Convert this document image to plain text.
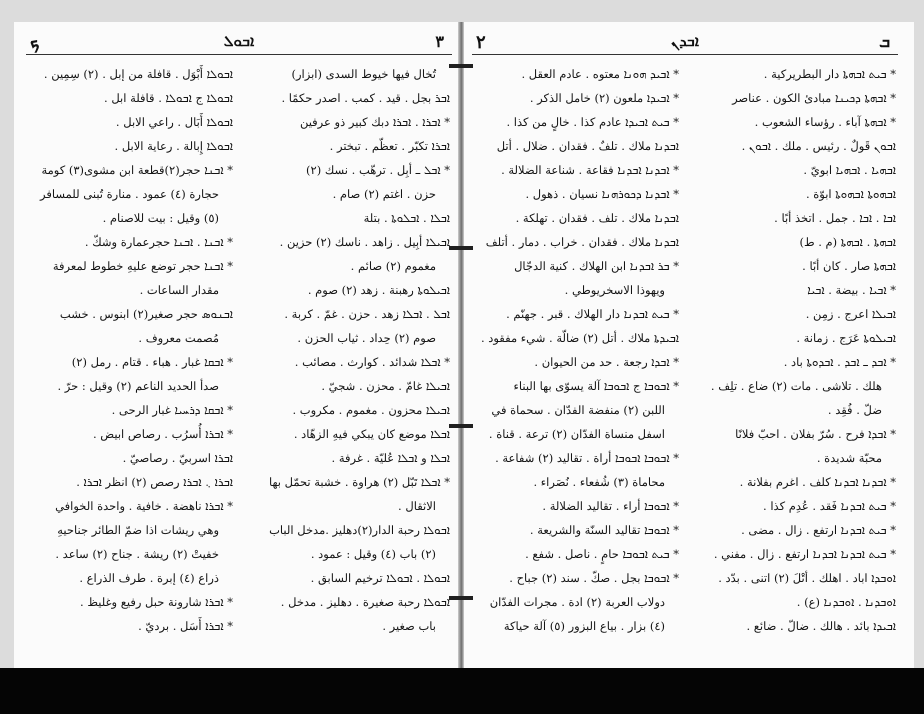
ܟ	ܐܒܘܠ	٣
ܐܒܘܠܐ أَبْوَل . قافلة من إبل . (٢) سِمِين .
ܐܒܘܠܐ ج ܐܒܘܠܐ . قافلة ابل .
ܐܒܘܠܐ أَبَال . راعي الابل .
ܐܒܘܠܐ إِبالة . رعاية الابل .
* ܐܒܢܐ حجر(٢)قطعة ابن مشوى(٣) كومة
حجارة (٤) عمود . منارة تُبنى للمسافر
(٥) وقيل : بيت للاصنام .
* ܐܒܢܐ . ܐܒܢܐ حجرعمارة وشكّ .
* ܐܒܢܐ حجر توضع عليهِ خطوط لمعرفة
مقدار الساعات .
ܐܒܢܘܣ حجر صغير(٢) ابنوس . خشب
مُصمت معروف .
* ܐܒܩܐ غبار . هباء . قتام . رمل (٢)
صدأ الحديد الناعم (٢) وقيل : حرّ .
* ܐܒܩܐ ܕܪܚܝܐ غبار الرحى .
* ܐܒܪܐ أُسرُب . رصاص ابيض .
ܐܒܪܐ اسربيّ . رصاصيّ .
ܐܒܪܐ ܆ ܐܒܪܐ رصص (٢) انظر ܐܒܪܐ .
* ܐܒܪܐ ناهضة . خافية . واحدة الخوافي
وهي ريشات اذا ضمّ الطائر جناحيهِ
خفيتْ (٢) ريشة . جناح (٢) ساعد .
ذراع (٤) إبرة . طرف الذراع .
* ܐܒܪܐ شارونة حبل رفيع وغليظ .
* ܐܒܪܐ أَسَل . برديّ .
تُخال فيها خيوط السدى (ابزار)
ܐܒܪ بجل . قيد . كمب . اصدر حكمًا .
* ܐܒܪܐ . ܐܒܪܐ دبك كبير ذو عرفين
ܐܒܪܐ تكبّر . تعظّم . تبختر .
* ܐܒܠ ـ أبِل . ترهّب . نسك (٢)
حزن . اغتم (٢) صام .
ܐܒܠܐ . ܐܒܠܘܬܐ . بتلة
ܐܒܝܠܐ أبِيل . زاهد . ناسك (٢) حزين .
مغموم (٢) صائم .
ܐܒܝܠܘܬܐ رهبنة . زهد (٢) صوم .
ܐܒܠ . ܐܒܠܐ زهد . حزن . غمّ . كربة .
صوم (٢) حِداد . ثياب الحزن .
* ܐܒܠܐ شدائد . كوارث . مصائب .
ܐܒܝܠܐ غامّ . محزن . شجيّ .
ܐܒܝܠܐ محزون . مغموم . مكروب .
ܐܒܠܐ موضع كان يبكي فيهِ الزهّاد .
ܐܒܠܐ و ܐܒܠܐ عُليّة . غرفة .
* ܐܒܠܐ تَبّل (٢) هراوة . خشبة تحمّل بها
الاثقال .
ܐܒܘܠܐ رحبة الدار(٢)دهليز .مدخل الباب
(٢) باب (٤) وقيل : عمود .
ܐܒܘܠܐ . ܐܒܘܠܐ ترخيم السابق .
ܐܒܘܠܐ رحبة صغيرة . دهليز . مدخل .
باب صغير .
٢	ܐܒܕܢ	ܒ
* ܐܒܝܕ ܗܘܢܐ معتوه . عادم العقل .
* ܐܒܝܕܐ ملعون (٢) خامل الذكر .
* ܒܝܬ ܐܒܝܕܐ عادم كذا . خالٍ من كذا .
ܐܒܕܢܐ ملاك . تلفٌ . فقدان . ضلال . أتل
* ܐܒܕܢܐ ܐܒܕܢܐ فقاعة . شناعة الضلالة .
* ܐܒܕܢܐ ܕܟܘܪܗܢܐ نسيان . ذهول .
ܐܒܕܢܐ ملاك . تلف . فقدان . تهلكة .
ܐܒܕܢܐ ملاك . فقدان . خراب . دمار . أتلف
* ܒܪ ܐܒܕܢܐ ابن الهلاك . كنية الدجّال
ويهوذا الاسخريوطي .
* ܒܝܬ ܐܒܕܢܐ دار الهلاك . قبر . جهنّم .
ܐܒܝܕܬܐ ملاك . أتل (٢) ضالّة . شيء مفقود .
* ܐܒܕܐ رجعة . حد من الحيوان .
* ܐܒܘܒܐ ج ܐܒܘܒܐ آلة يسوّى بها البناء
اللبن (٢) منفضة الفدّان . سحماة في
اسفل منساة الفدّان (٢) ترعة . قناة .
* ܐܒܘܒܐ ܐܒܘܒܐ أراة . تقاليد (٢) شفاعة .
محاماة (٣) شُفعاء . نُصَراء .
* ܐܒܘܒܐ أراء . تقاليد الضلالة .
* ܐܒܘܒܐ تقاليد السنّة والشريعة .
* ܒܝܬ ܐܒܘܒܐ حامٍ . ناصل . شفع .
* ܐܒܘܒܐ بجل . صكّ . سند (٢) جباح .
دولاب العربة (٢) ادة . مجرات الفدّان
(٤) بزار . بياع البزور (٥) آلة حياكة
* ܒܝܬ ܐܒܗܬܐ دار البطريركية .
* ܐܒܗܬܐ ܕܟܝܢܐ مبادئ الكون . عناصر
* ܐܒܗܬܐ آباء . رؤساء الشعوب .
ܐܒܘܢ قَولٌ . رئيس . ملك . ܐܒܘܢ .
ܐܒܗܝܐ . ܐܒܗܝܐ ابويّ .
ܐܒܗܘܬܐ ܐܒܗܘܬܐ ابوّة .
ܐܒܐ . ܐܒܐ . جمل . اتخذ أبًا .
ܐܒܗܬܐ . ܐܒܗܬܐ (م . ط)
ܐܒܗܬܐ صار . كان أبًا .
* ܐܒܝܐ . بيضة . ܐܒܝܐ
ܐܒܝܠܐ اعرج . زمِن .
ܐܒܝܠܘܬܐ عَرَج . زمانة .
* ܐܒܕ ـ ܐܒܕ . ܐܒܕܘܬܐ باد .
هلك . تلاشى . مات (٢) ضاع . تلِف .
ضلّ . فُقِد .
* ܐܒܕܐ فرح . سُرّ بفلان . احبّ فلانًا
محبّة شديدة .
* ܐܒܕܢܐ ܐܒܕܢܐ كلف . اغرم بفلانة .
* ܒܝܬ ܐܒܕܢܐ فَقد . عُدِم كذا .
* ܒܝܬ ܐܒܕܢܐ ارتفع . زال . مضى .
* ܒܝܬ ܐܒܕܢܐ ܐܒܕܢܐ ارتفع . زال . مفني .
ܐܘܒܕܐ اباد . اهلك . أتْلَ (٢) اتنى . بدّد .
ܐܘܒܕܢܐ . ܐܘܒܕܢܐ (ع) .
ܐܒܝܕܐ بائد . هالك . ضالّ . ضائع .
